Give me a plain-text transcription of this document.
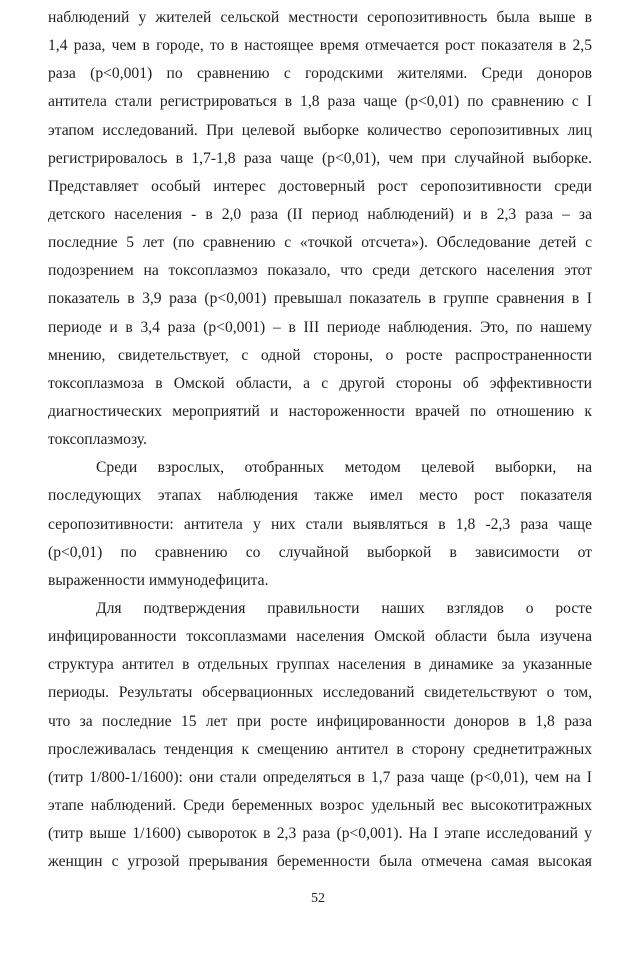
наблюдений у жителей сельской местности серопозитивность была выше в
1,4 раза, чем в городе, то в настоящее время отмечается рост показателя в 2,5
раза (p<0,001) по сравнению с городскими жителями. Среди доноров
антитела стали регистрироваться в 1,8 раза чаще (p<0,01) по сравнению с I
этапом исследований. При целевой выборке количество серопозитивных лиц
регистрировалось в 1,7-1,8 раза чаще (p<0,01), чем при случайной выборке.
Представляет особый интерес достоверный рост серопозитивности среди
детского населения - в 2,0 раза (II период наблюдений) и в 2,3 раза – за
последние 5 лет (по сравнению с «точкой отсчета»). Обследование детей с
подозрением на токсоплазмоз показало, что среди детского населения этот
показатель в 3,9 раза (p<0,001) превышал показатель в группе сравнения в I
периоде и в 3,4 раза (p<0,001) – в III периоде наблюдения. Это, по нашему
мнению, свидетельствует, с одной стороны, о росте распространенности
токсоплазмоза в Омской области, а с другой стороны об эффективности
диагностических мероприятий и настороженности врачей по отношению к
токсоплазмозу.

Среди взрослых, отобранных методом целевой выборки, на
последующих этапах наблюдения также имел место рост показателя
серопозитивности: антитела у них стали выявляться в 1,8 -2,3 раза чаще
(p<0,01) по сравнению со случайной выборкой в зависимости от
выраженности иммунодефицита.

Для подтверждения правильности наших взглядов о росте
инфицированности токсоплазмами населения Омской области была изучена
структура антител в отдельных группах населения в динамике за указанные
периоды. Результаты обсервационных исследований свидетельствуют о том,
что за последние 15 лет при росте инфицированности доноров в 1,8 раза
прослеживалась тенденция к смещению антител в сторону среднетитражных
(титр 1/800-1/1600): они стали определяться в 1,7 раза чаще (p<0,01), чем на I
этапе наблюдений. Среди беременных возрос удельный вес высокотитражных
(титр выше 1/1600) сывороток в 2,3 раза (p<0,001). На I этапе исследований у
женщин с угрозой прерывания беременности была отмечена самая высокая

52
